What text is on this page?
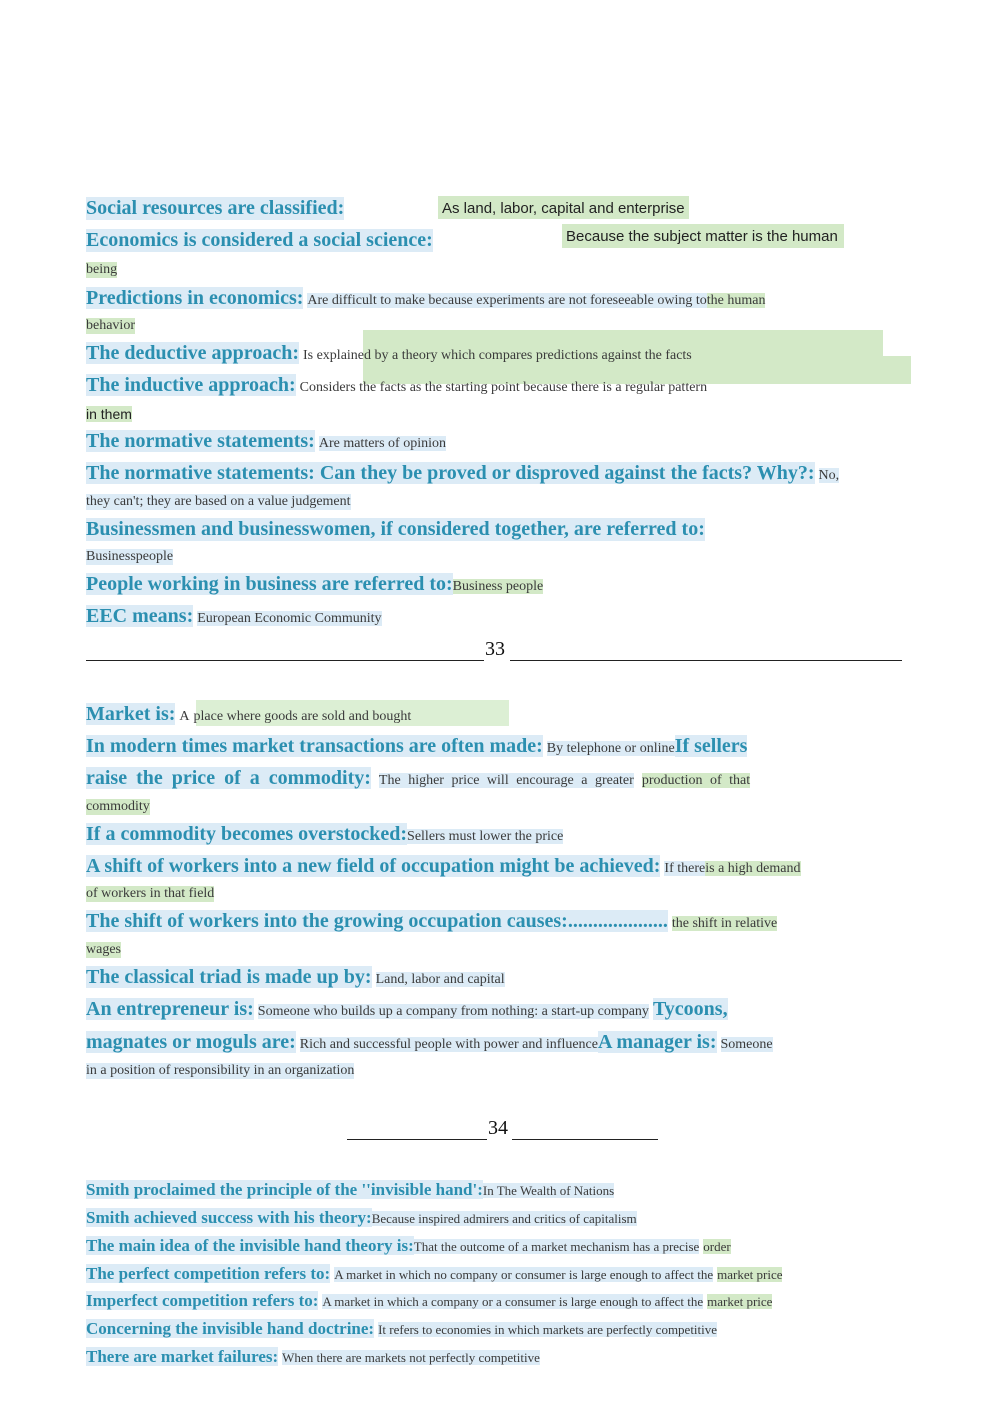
Social resources are classified:	As land, labor, capital and enterprise
Economics is considered a social science:	Because the subject matter is the human
being
Predictions in economics: Are difficult to make because experiments are not foreseeable owing tothe human
behavior
The deductive approach: Is explained by a theory which compares predictions against the facts
The inductive approach: Considers the facts as the starting point because there is a regular pattern
in them
The normative statements: Are matters of opinion
The normative statements: Can they be proved or disproved against the facts? Why?: No,
they can't; they are based on a value judgement
Businessmen and businesswomen, if considered together, are referred to:
Businesspeople
People working in business are referred to:Business people
EEC means: European Economic Community
33
Market is: A place where goods are sold and bought
In modern times market transactions are often made: By telephone or onlineIf sellers
raise the price of a commodity: The higher price will encourage a greater production of that
commodity
If a commodity becomes overstocked:Sellers must lower the price
A shift of workers into a new field of occupation might be achieved: If thereis a high demand
of workers in that field
The shift of workers into the growing occupation causes:.................... the shift in relative
wages
The classical triad is made up by: Land, labor and capital
An entrepreneur is: Someone who builds up a company from nothing: a start-up company Tycoons,
magnates or moguls are: Rich and successful people with power and influenceA manager is: Someone
in a position of responsibility in an organization
34
Smith proclaimed the principle of the ''invisible hand':In The Wealth of Nations
Smith achieved success with his theory:Because inspired admirers and critics of capitalism
The main idea of the invisible hand theory is:That the outcome of a market mechanism has a precise order
The perfect competition refers to: A market in which no company or consumer is large enough to affect the market price
Imperfect competition refers to: A market in which a company or a consumer is large enough to affect the market price
Concerning the invisible hand doctrine: It refers to economies in which markets are perfectly competitive
There are market failures: When there are markets not perfectly competitive
